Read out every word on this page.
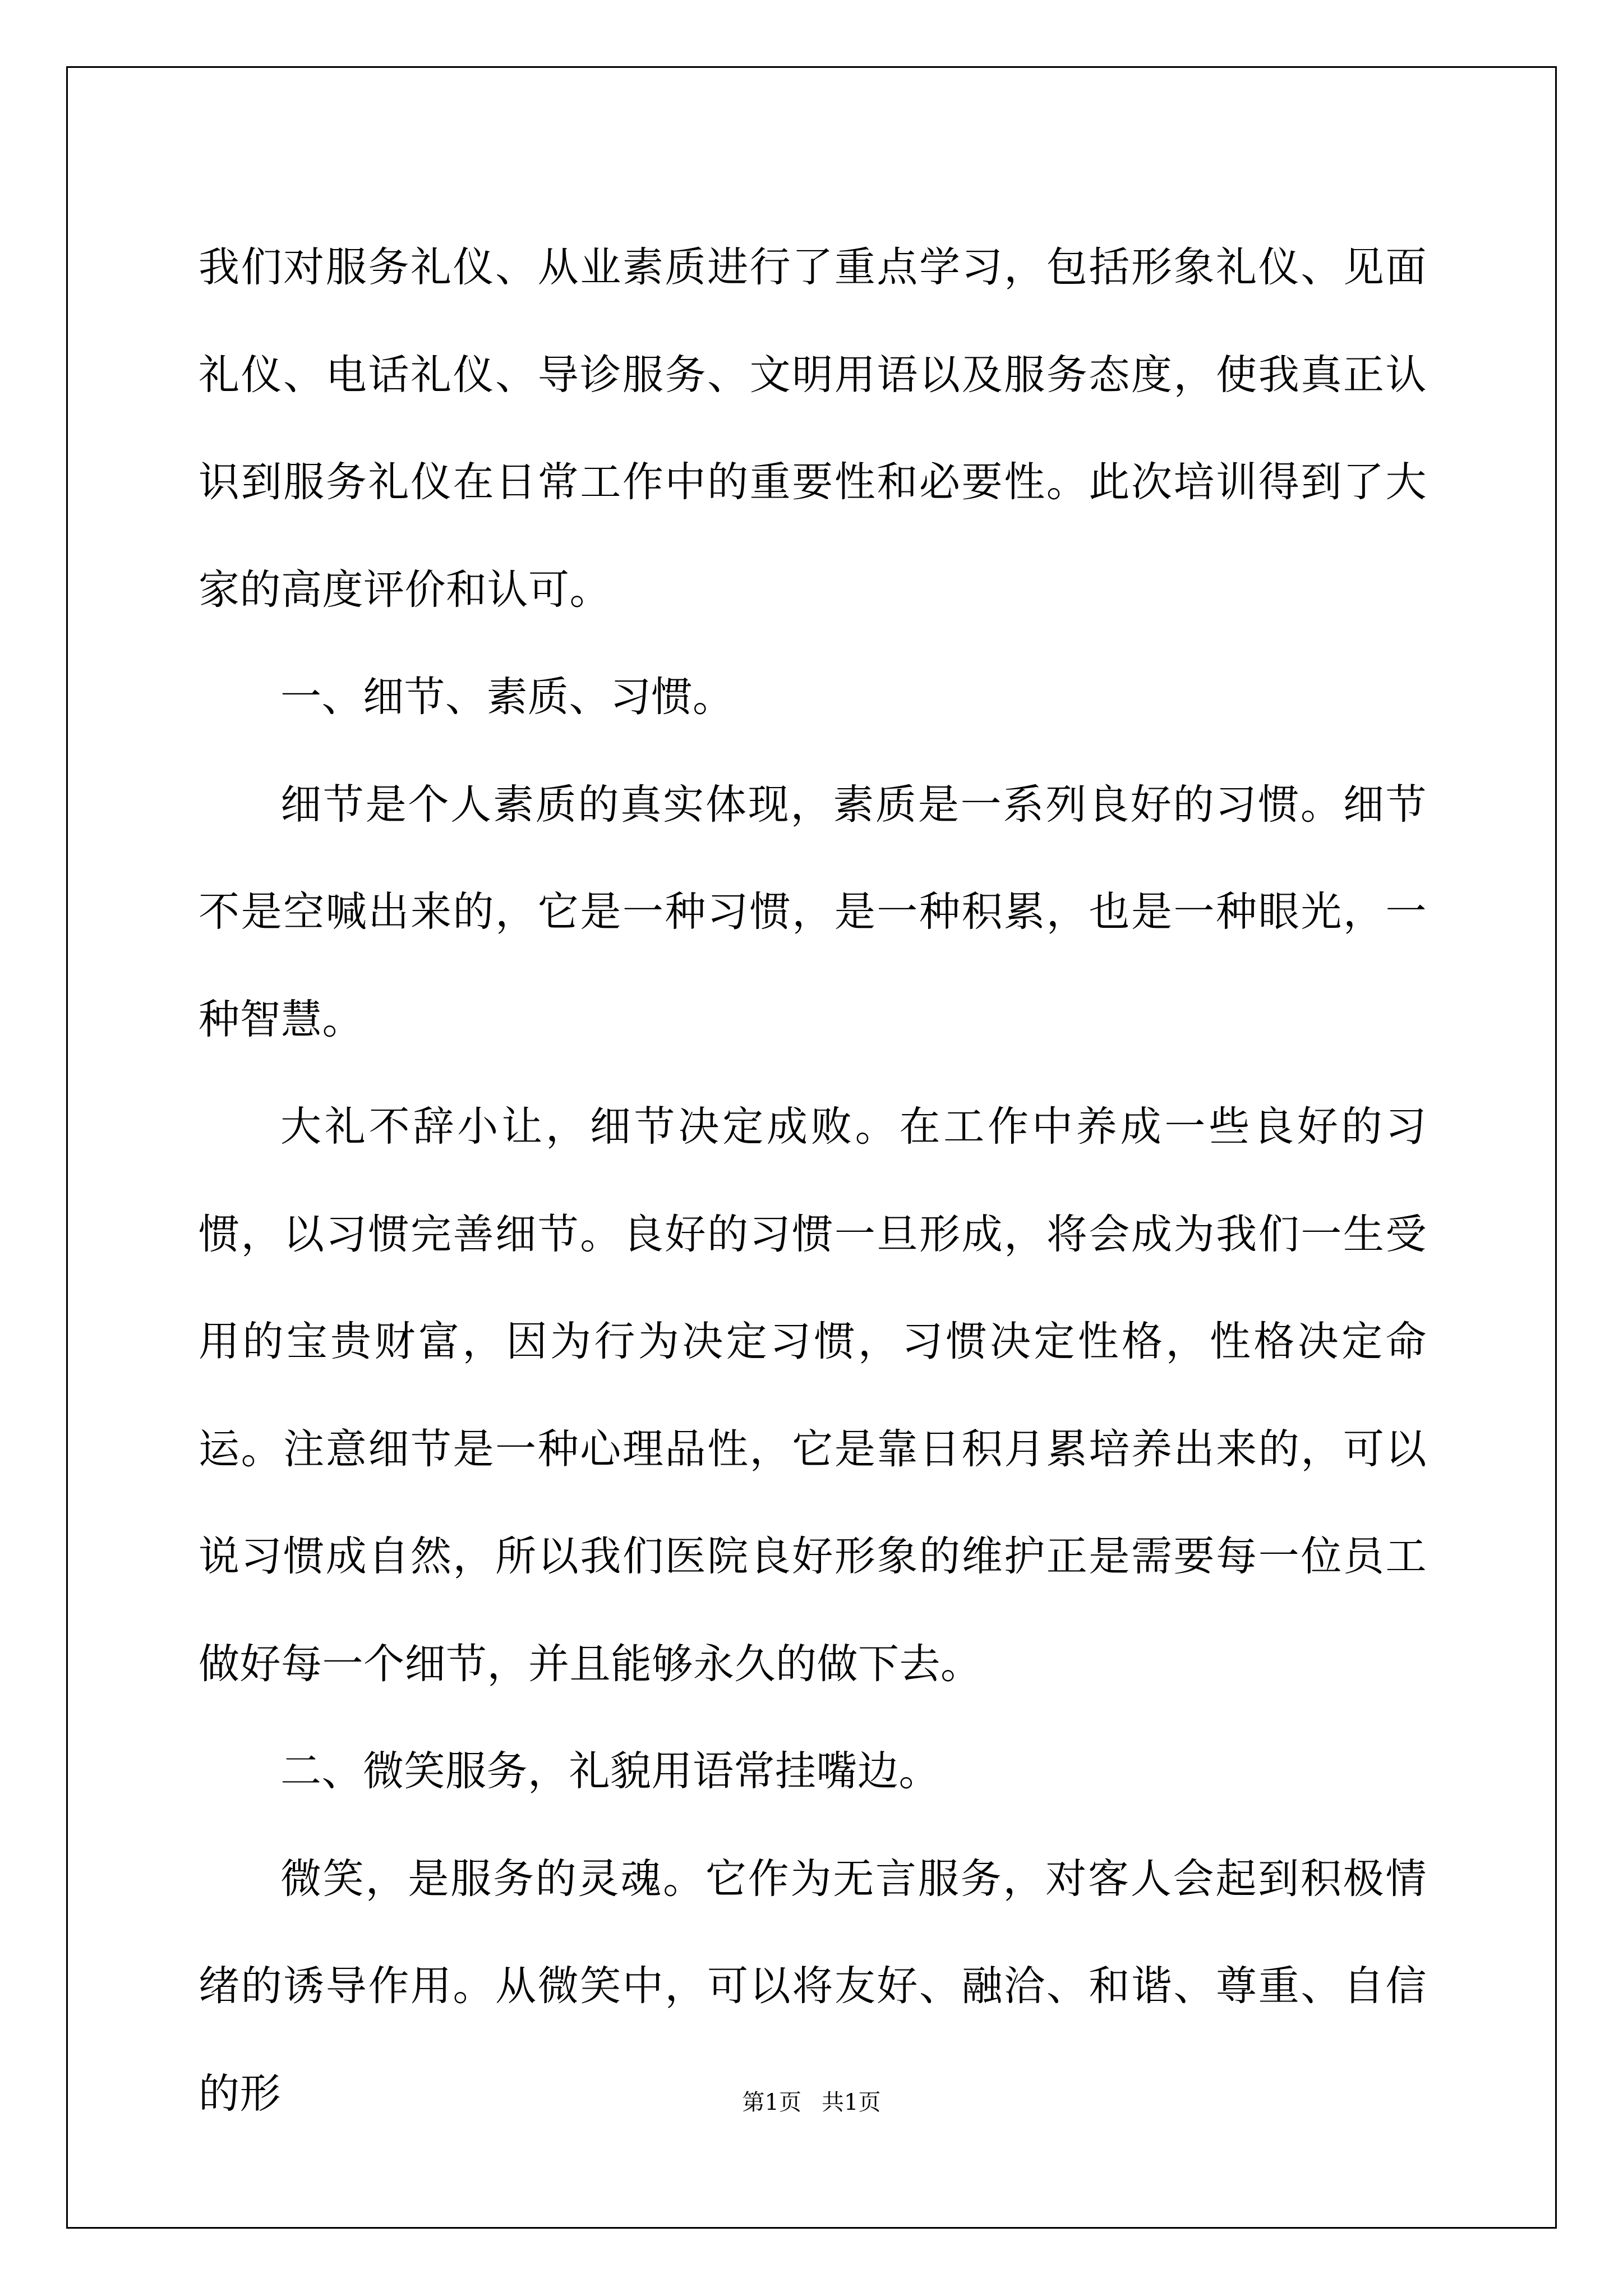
我们对服务礼仪、从业素质进行了重点学习，包括形象礼仪、见面礼仪、电话礼仪、导诊服务、文明用语以及服务态度，使我真正认识到服务礼仪在日常工作中的重要性和必要性。此次培训得到了大家的高度评价和认可。

一、细节、素质、习惯。

细节是个人素质的真实体现，素质是一系列良好的习惯。细节不是空喊出来的，它是一种习惯，是一种积累，也是一种眼光，一种智慧。

大礼不辞小让，细节决定成败。在工作中养成一些良好的习惯，以习惯完善细节。良好的习惯一旦形成，将会成为我们一生受用的宝贵财富，因为行为决定习惯，习惯决定性格，性格决定命运。注意细节是一种心理品性，它是靠日积月累培养出来的，可以说习惯成自然，所以我们医院良好形象的维护正是需要每一位员工做好每一个细节，并且能够永久的做下去。

二、微笑服务，礼貌用语常挂嘴边。

微笑，是服务的灵魂。它作为无言服务，对客人会起到积极情绪的诱导作用。从微笑中，可以将友好、融洽、和谐、尊重、自信的形	第1页 共1页
